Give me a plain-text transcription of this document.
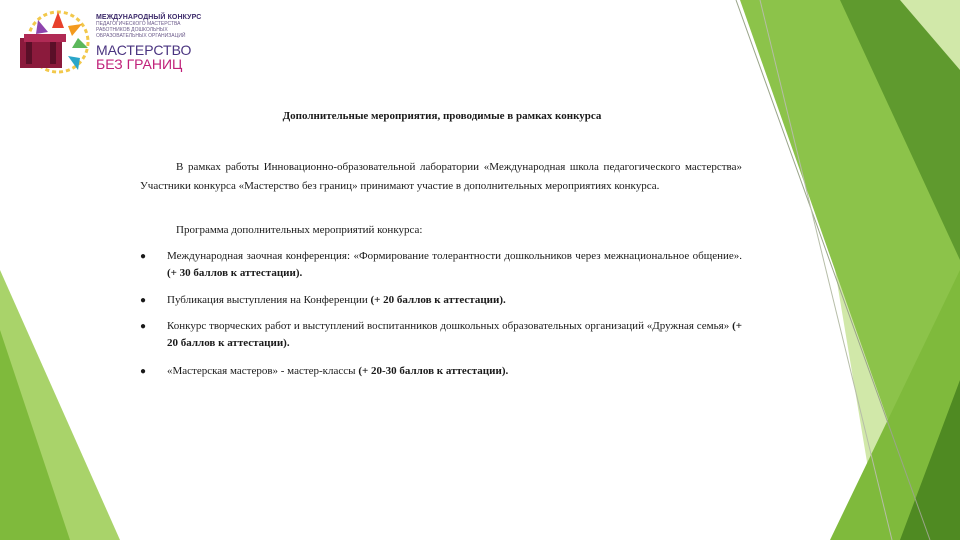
МЕЖДУНАРОДНЫЙ КОНКУРС
ПЕДАГОГИЧЕСКОГО МАСТЕРСТВА
РАБОТНИКОВ ДОШКОЛЬНЫХ
ОБРАЗОВАТЕЛЬНЫХ ОРГАНИЗАЦИЙ
МАСТЕРСТВО
БЕЗ ГРАНИЦ
Дополнительные мероприятия, проводимые в рамках конкурса
В рамках работы Инновационно-образовательной лаборатории «Международная школа педагогического мастерства» Участники конкурса «Мастерство без границ» принимают участие в дополнительных мероприятиях конкурса.
Программа дополнительных мероприятий конкурса:
● Международная заочная конференция: «Формирование толерантности дошкольников через межнациональное общение». (+ 30 баллов к аттестации).
● Публикация выступления на Конференции (+ 20 баллов к аттестации).
● Конкурс творческих работ и выступлений воспитанников дошкольных образовательных организаций «Дружная семья» (+ 20 баллов к аттестации).
● «Мастерская мастеров» - мастер-классы (+ 20-30 баллов к аттестации).
